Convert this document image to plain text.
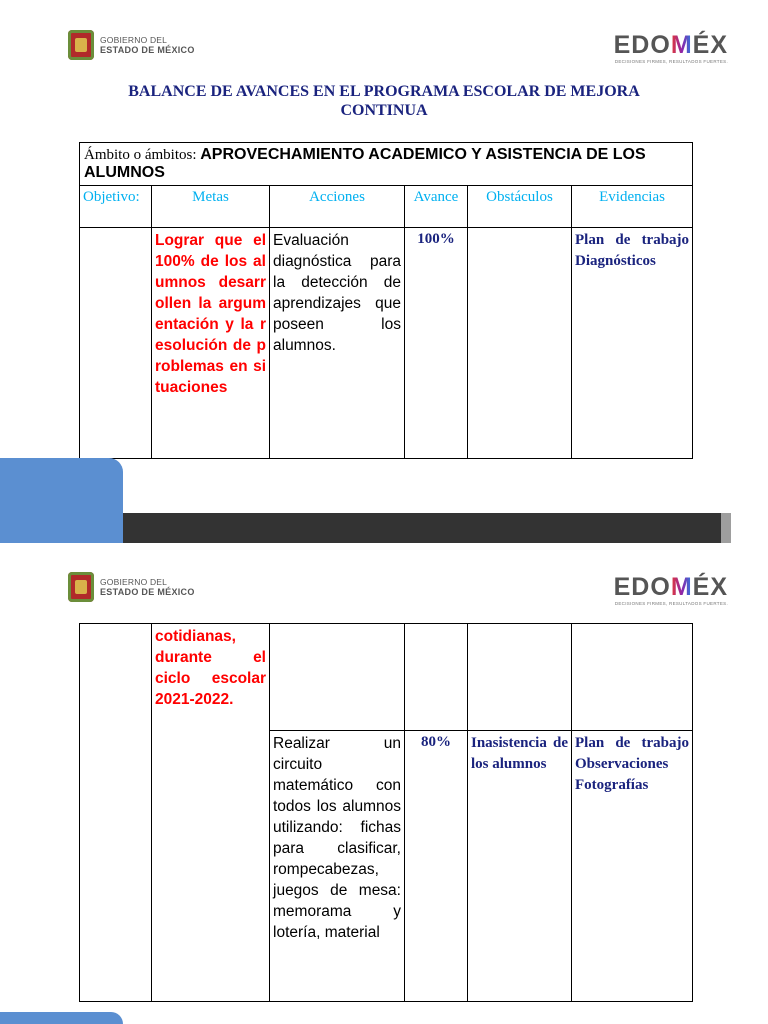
GOBIERNO DEL
ESTADO DE MÉXICO	EDOMÉX
DECISIONES FIRMES, RESULTADOS FUERTES.
BALANCE DE AVANCES EN EL PROGRAMA ESCOLAR DE MEJORA
CONTINUA
Ámbito o ámbitos: APROVECHAMIENTO ACADEMICO Y ASISTENCIA DE LOS ALUMNOS					
Objetivo:	Metas	Acciones	Avance	Obstáculos	Evidencias
	Lograr que el 100% de los alumnos desarrollen la argumentación y la resolución de problemas en situaciones	Evaluación diagnóstica para la detección de aprendizajes que poseen los alumnos.	100%		Plan de trabajo
Diagnósticos
GOBIERNO DEL
ESTADO DE MÉXICO	EDOMÉX
DECISIONES FIRMES, RESULTADOS FUERTES.
	cotidianas, durante el ciclo escolar 2021-2022.				
		Realizar un circuito matemático con todos los alumnos utilizando: fichas para clasificar, rompecabezas, juegos de mesa: memorama y lotería, material	80%	Inasistencia de los alumnos	Plan de trabajo
Observaciones
Fotografías
